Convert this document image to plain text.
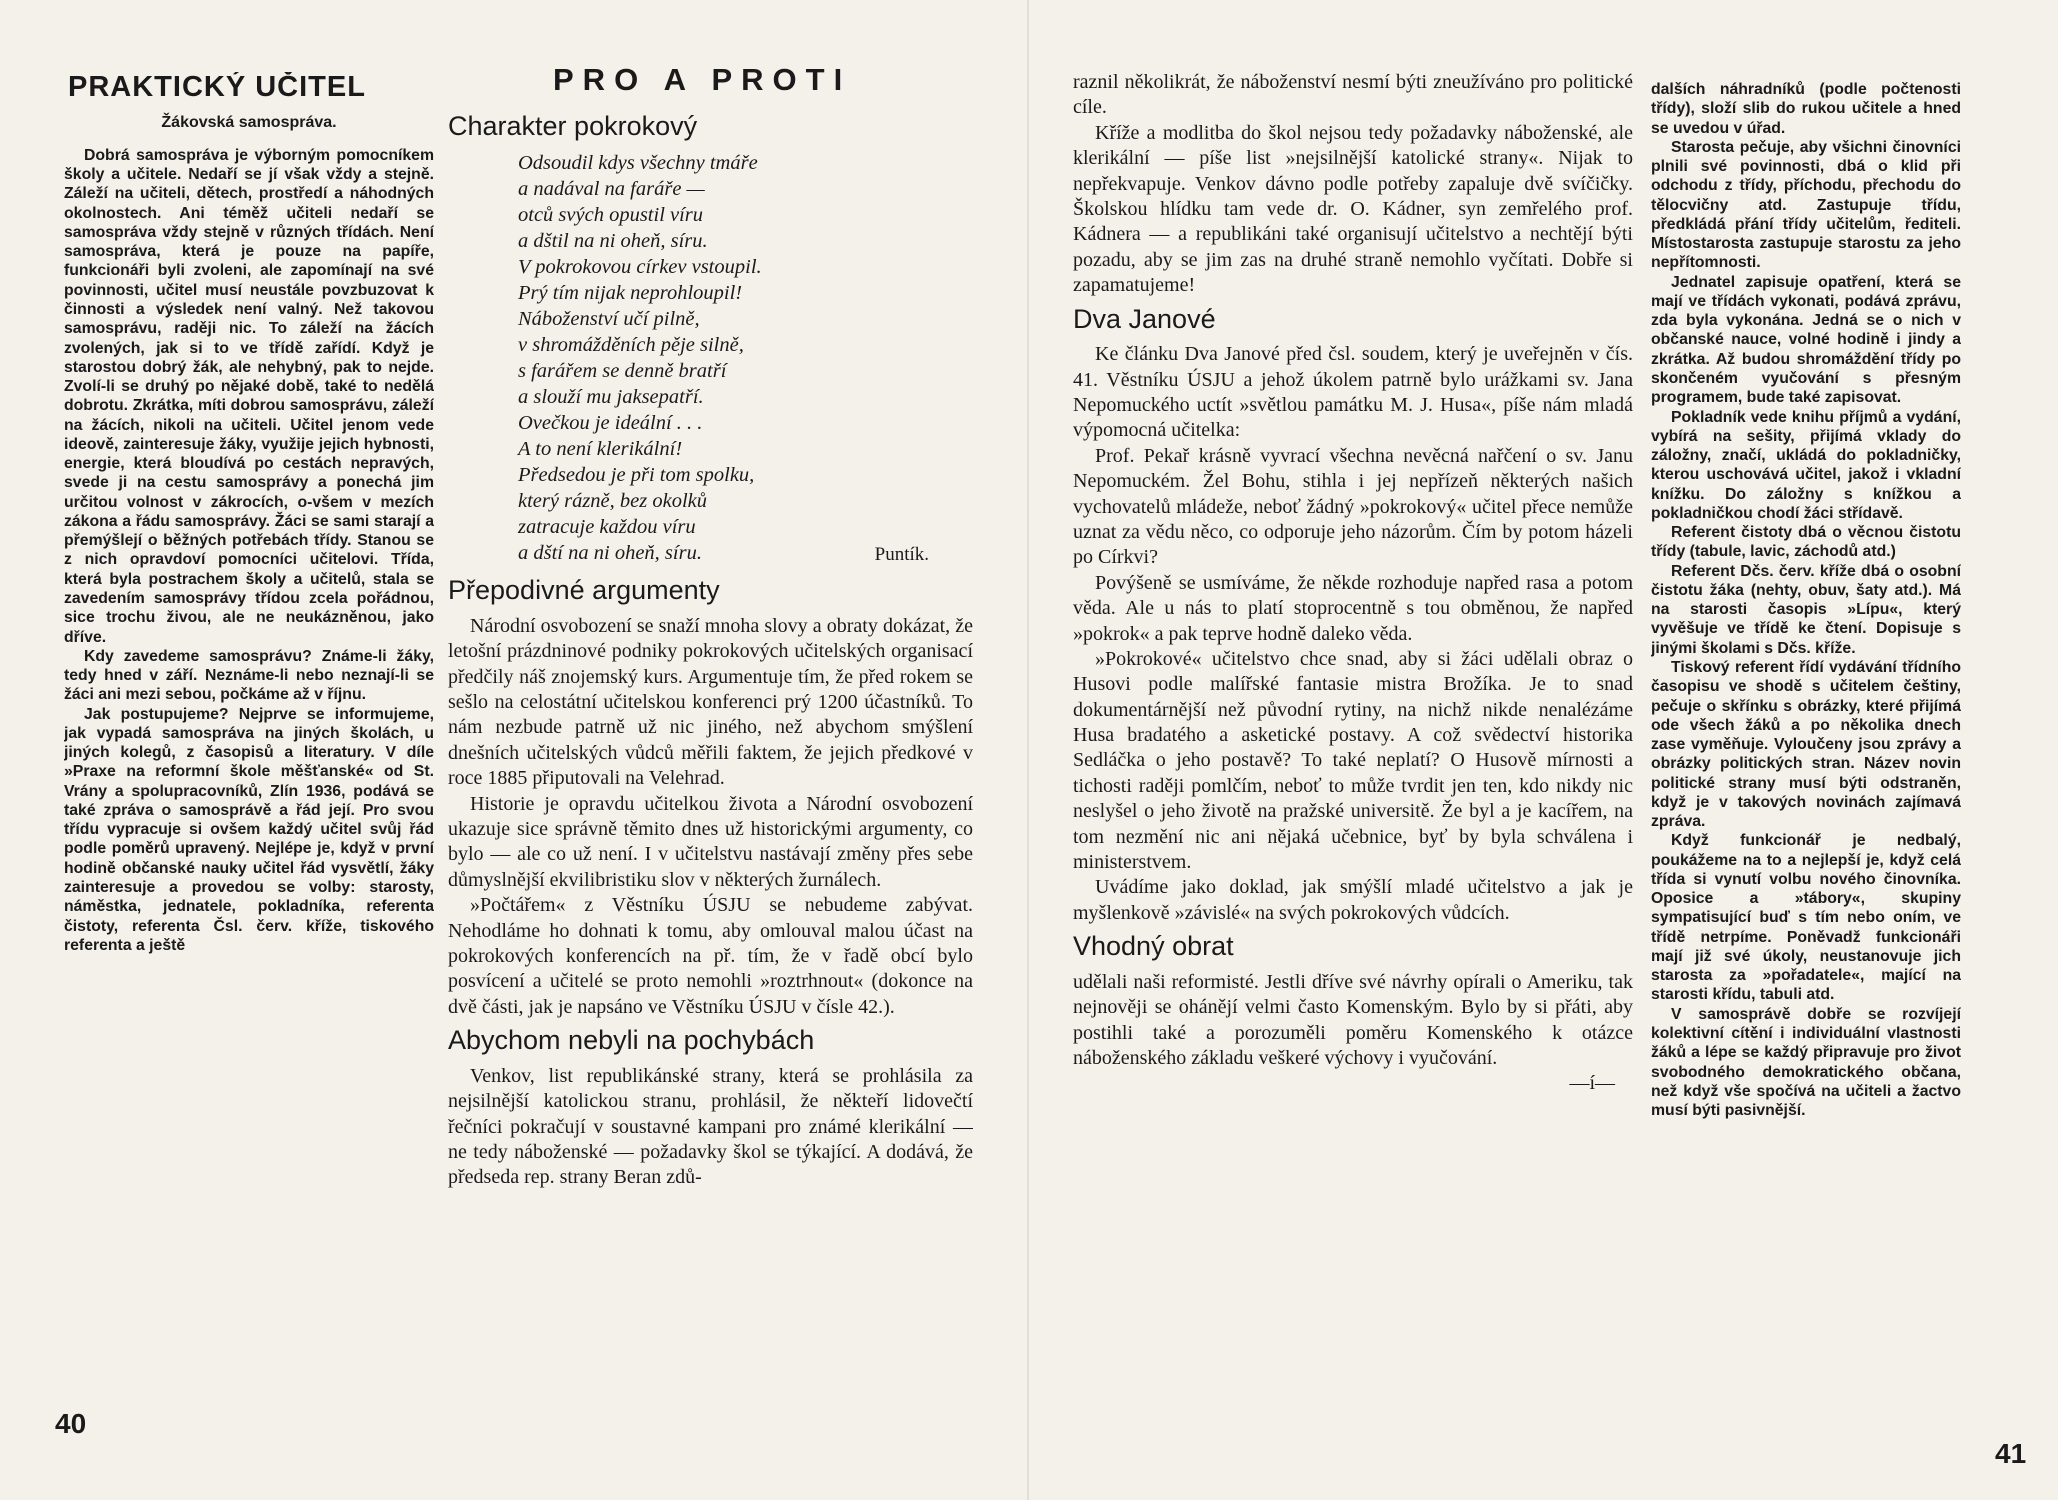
PRAKTICKÝ UČITEL
Žákovská samospráva.

Dobrá samospráva je výborným pomocníkem školy a učitele. Nedaří se jí však vždy a stejně. Záleží na učiteli, dětech, prostředí a náhodných okolnostech. Ani téměž učiteli nedaří se samospráva vždy stejně v různých třídách. Není samospráva, která je pouze na papíře, funkcionáři byli zvoleni, ale zapomínají na své povinnosti, učitel musí neustále povzbuzovat k činnosti a výsledek není valný. Než takovou samosprávu, raději nic. To záleží na žácích zvolených, jak si to ve třídě zařídí. Když je starostou dobrý žák, ale nehybný, pak to nejde. Zvolí-li se druhý po nějaké době, také to nedělá dobrotu. Zkrátka, míti dobrou samosprávu, záleží na žácích, nikoli na učiteli. Učitel jenom vede ideově, zainteresuje žáky, využije jejich hybnosti, energie, která bloudívá po cestách nepravých, svede ji na cestu samosprávy a ponechá jim určitou volnost v zákrocích, o-všem v mezích zákona a řádu samosprávy. Žáci se sami starají a přemýšlejí o běžných potřebách třídy. Stanou se z nich opravdoví pomocníci učitelovi. Třída, která byla postrachem školy a učitelů, stala se zavedením samosprávy třídou zcela pořádnou, sice trochu živou, ale ne neukázněnou, jako dříve.

Kdy zavedeme samosprávu? Známe-li žáky, tedy hned v září. Neznáme-li nebo neznají-li se žáci ani mezi sebou, počkáme až v říjnu.

Jak postupujeme? Nejprve se informujeme, jak vypadá samospráva na jiných školách, u jiných kolegů, z časopisů a literatury. V díle »Praxe na reformní škole měšťanské« od St. Vrány a spolupracovníků, Zlín 1936, podává se také zpráva o samosprávě a řád její. Pro svou třídu vypracuje si ovšem každý učitel svůj řád podle poměrů upravený. Nejlépe je, když v první hodině občanské nauky učitel řád vysvětlí, žáky zainteresuje a provedou se volby: starosty, náměstka, jednatele, pokladníka, referenta čistoty, referenta Čsl. červ. kříže, tiskového referenta a ještě

PRO A PROTI
Charakter pokrokový
Odsoudil kdys všechny tmáře
a nadával na faráře —
otců svých opustil víru
a dštil na ni oheň, síru.
V pokrokovou církev vstoupil.
Prý tím nijak neprohloupil!
Náboženství učí pilně,
v shromážděních pěje silně,
s farářem se denně bratří
a slouží mu jaksepatří.
Ovečkou je ideální . . .
A to není klerikální!
Předsedou je při tom spolku,
který rázně, bez okolků
zatracuje každou víru
a dští na ni oheň, síru.	Puntík.
Přepodivné argumenty

Národní osvobození se snaží mnoha slovy a obraty dokázat, že letošní prázdninové podniky pokrokových učitelských organisací předčily náš znojemský kurs. Argumentuje tím, že před rokem se sešlo na celostátní učitelskou konferenci prý 1200 účastníků. To nám nezbude patrně už nic jiného, než abychom smýšlení dnešních učitelských vůdců měřili faktem, že jejich předkové v roce 1885 připutovali na Velehrad.

Historie je opravdu učitelkou života a Národní osvobození ukazuje sice správně těmito dnes už historickými argumenty, co bylo — ale co už není. I v učitelstvu nastávají změny přes sebe důmyslnější ekvilibristiku slov v některých žurnálech.

»Počtářem« z Věstníku ÚSJU se nebudeme zabývat. Nehodláme ho dohnati k tomu, aby omlouval malou účast na pokrokových konferencích na př. tím, že v řadě obcí bylo posvícení a učitelé se proto nemohli »roztrhnout« (dokonce na dvě části, jak je napsáno ve Věstníku ÚSJU v čísle 42.).

Abychom nebyli na pochybách

Venkov, list republikánské strany, která se prohlásila za nejsilnější katolickou stranu, prohlásil, že někteří lidovečtí řečníci pokračují v soustavné kampani pro známé klerikální — ne tedy náboženské — požadavky škol se týkající. A dodává, že předseda rep. strany Beran zdů-

40

raznil několikrát, že náboženství nesmí býti zneužíváno pro politické cíle.

Kříže a modlitba do škol nejsou tedy požadavky náboženské, ale klerikální — píše list »nejsilnější katolické strany«. Nijak to nepřekvapuje. Venkov dávno podle potřeby zapaluje dvě svíčičky. Školskou hlídku tam vede dr. O. Kádner, syn zemřelého prof. Kádnera — a republikáni také organisují učitelstvo a nechtějí býti pozadu, aby se jim zas na druhé straně nemohlo vyčítati. Dobře si zapamatujeme!

Dva Janové

Ke článku Dva Janové před čsl. soudem, který je uveřejněn v čís. 41. Věstníku ÚSJU a jehož úkolem patrně bylo urážkami sv. Jana Nepomuckého uctít »světlou památku M. J. Husa«, píše nám mladá výpomocná učitelka:

Prof. Pekař krásně vyvrací všechna nevěcná nařčení o sv. Janu Nepomuckém. Žel Bohu, stihla i jej nepřízeň některých našich vychovatelů mládeže, neboť žádný »pokrokový« učitel přece nemůže uznat za vědu něco, co odporuje jeho názorům. Čím by potom házeli po Církvi?

Povýšeně se usmíváme, že někde rozhoduje napřed rasa a potom věda. Ale u nás to platí stoprocentně s tou obměnou, že napřed »pokrok« a pak teprve hodně daleko věda.

»Pokrokové« učitelstvo chce snad, aby si žáci udělali obraz o Husovi podle malířské fantasie mistra Brožíka. Je to snad dokumentárnější než původní rytiny, na nichž nikde nenalézáme Husa bradatého a asketické postavy. A což svědectví historika Sedláčka o jeho postavě? To také neplatí? O Husově mírnosti a tichosti raději pomlčím, neboť to může tvrdit jen ten, kdo nikdy nic neslyšel o jeho životě na pražské universitě. Že byl a je kacířem, na tom nezmění nic ani nějaká učebnice, byť by byla schválena i ministerstvem.

Uvádíme jako doklad, jak smýšlí mladé učitelstvo a jak je myšlenkově »závislé« na svých pokrokových vůdcích.

Vhodný obrat

udělali naši reformisté. Jestli dříve své návrhy opírali o Ameriku, tak nejnověji se ohánějí velmi často Komenským. Bylo by si přáti, aby postihli také a porozuměli poměru Komenského k otázce náboženského základu veškeré výchovy i vyučování.

—í—

dalších náhradníků (podle počtenosti třídy), složí slib do rukou učitele a hned se uvedou v úřad.

Starosta pečuje, aby všichni činovníci plnili své povinnosti, dbá o klid při odchodu z třídy, příchodu, přechodu do tělocvičny atd. Zastupuje třídu, předkládá přání třídy učitelům, řediteli. Místostarosta zastupuje starostu za jeho nepřítomnosti.

Jednatel zapisuje opatření, která se mají ve třídách vykonati, podává zprávu, zda byla vykonána. Jedná se o nich v občanské nauce, volné hodině i jindy a zkrátka. Až budou shromáždění třídy po skončeném vyučování s přesným programem, bude také zapisovat.

Pokladník vede knihu příjmů a vydání, vybírá na sešity, přijímá vklady do záložny, značí, ukládá do pokladničky, kterou uschovává učitel, jakož i vkladní knížku. Do záložny s knížkou a pokladničkou chodí žáci střídavě.

Referent čistoty dbá o věcnou čistotu třídy (tabule, lavic, záchodů atd.)

Referent Dčs. červ. kříže dbá o osobní čistotu žáka (nehty, obuv, šaty atd.). Má na starosti časopis »Lípu«, který vyvěšuje ve třídě ke čtení. Dopisuje s jinými školami s Dčs. kříže.

Tiskový referent řídí vydávání třídního časopisu ve shodě s učitelem češtiny, pečuje o skřínku s obrázky, které přijímá ode všech žáků a po několika dnech zase vyměňuje. Vyloučeny jsou zprávy a obrázky politických stran. Název novin politické strany musí býti odstraněn, když je v takových novinách zajímavá zpráva.

Když funkcionář je nedbalý, poukážeme na to a nejlepší je, když celá třída si vynutí volbu nového činovníka. Oposice a »tábory«, skupiny sympatisující buď s tím nebo oním, ve třídě netrpíme. Poněvadž funkcionáři mají již své úkoly, neustanovuje jich starosta za »pořadatele«, mající na starosti křídu, tabuli atd.

V samosprávě dobře se rozvíjejí kolektivní cítění i individuální vlastnosti žáků a lépe se každý připravuje pro život svobodného demokratického občana, než když vše spočívá na učiteli a žactvo musí býti pasivnější.

41
